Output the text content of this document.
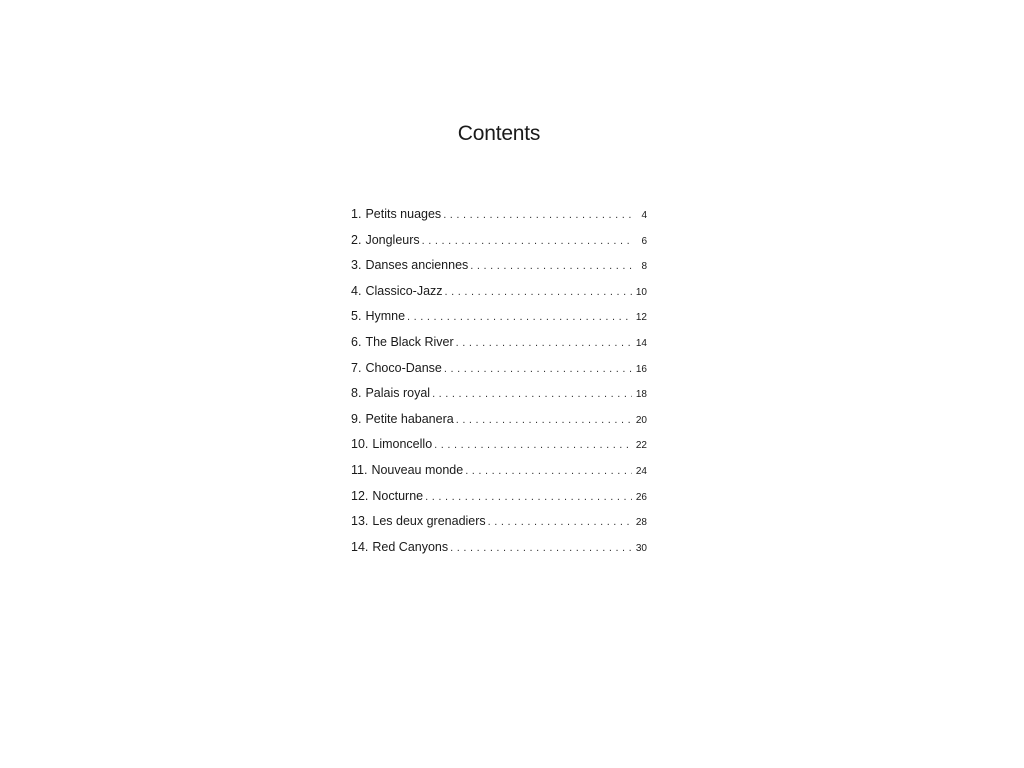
Contents
1. Petits nuages . . .	4
2. Jongleurs . . .	6
3. Danses anciennes . . .	8
4. Classico-Jazz . . .	10
5. Hymne . . .	12
6. The Black River . . .	14
7. Choco-Danse . . .	16
8. Palais royal . . .	18
9. Petite habanera . . .	20
10. Limoncello . . .	22
11. Nouveau monde . . .	24
12. Nocturne . . .	26
13. Les deux grenadiers . . .	28
14. Red Canyons . . .	30
